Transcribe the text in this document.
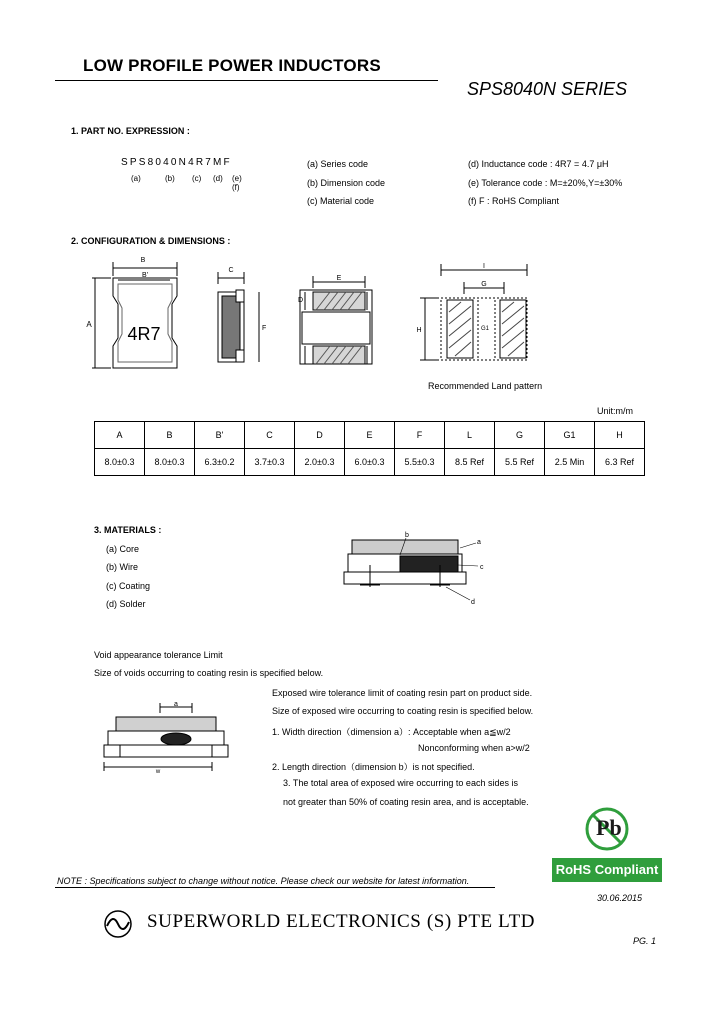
LOW PROFILE POWER INDUCTORS
SPS8040N SERIES
1. PART NO. EXPRESSION :
SPS8040N4R7MF
(a)	(b) (c) (d) (e)(f)
(a) Series code
(b) Dimension code
(c) Material code
(d) Inductance code : 4R7 = 4.7 μH
(e) Tolerance code : M=±20%,Y=±30%
(f) F : RoHS Compliant
2. CONFIGURATION & DIMENSIONS :
B
B'
A 4R7
C
F
E
D
I
G
G1
H
Recommended Land pattern
Unit:m/m
A	B	B'	C	D	E	F	L	G	G1	H
8.0±0.3	8.0±0.3	6.3±0.2	3.7±0.3	2.0±0.3	6.0±0.3	5.5±0.3	8.5 Ref	5.5 Ref	2.5 Min	6.3 Ref
3. MATERIALS :
(a) Core
(b) Wire
(c) Coating
(d) Solder
b
a
c
d
Void appearance tolerance Limit
Size of voids occurring to coating resin is specified below.
Exposed wire tolerance limit of coating resin part on product side.
Size of exposed wire occurring to coating resin is specified below.
1. Width direction（dimension a）: Acceptable when a≦w/2
Nonconforming when a>w/2
2. Length direction（dimension b）is not specified.
3. The total area of exposed wire occurring to each sides is
not greater than 50% of coating resin area, and is acceptable.
a
w
Pb
RoHS Compliant
NOTE : Specifications subject to change without notice. Please check our website for latest information.
30.06.2015
SUPERWORLD ELECTRONICS (S) PTE LTD
PG. 1
